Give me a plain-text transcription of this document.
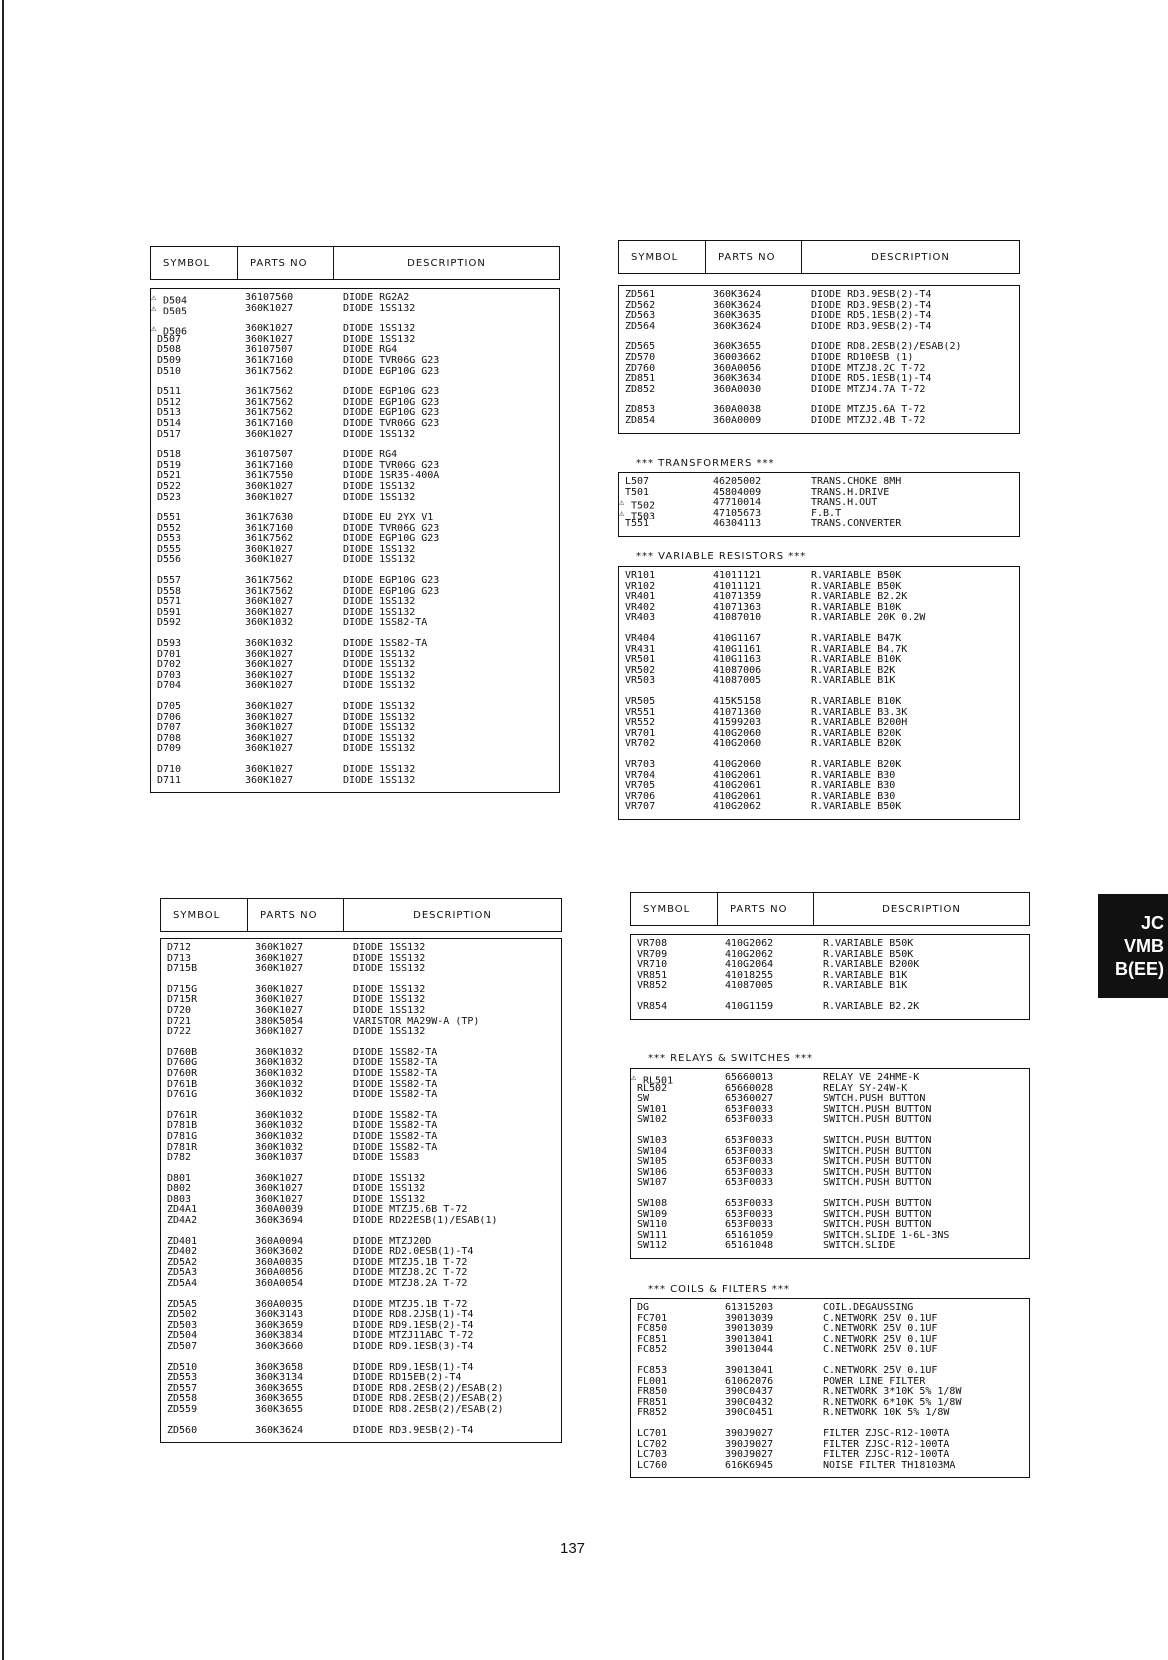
SYMBOL	PARTS NO	DESCRIPTION
⚠ D504	36107560	DIODE RG2A2
⚠ D505	360K1027	DIODE 1SS132
⚠ D506	360K1027	DIODE 1SS132
D507	360K1027	DIODE 1SS132
D508	36107507	DIODE RG4
D509	361K7160	DIODE TVR06G G23
D510	361K7562	DIODE EGP10G G23
D511	361K7562	DIODE EGP10G G23
D512	361K7562	DIODE EGP10G G23
D513	361K7562	DIODE EGP10G G23
D514	361K7160	DIODE TVR06G G23
D517	360K1027	DIODE 1SS132
D518	36107507	DIODE RG4
D519	361K7160	DIODE TVR06G G23
D521	361K7550	DIODE 1SR35-400A
D522	360K1027	DIODE 1SS132
D523	360K1027	DIODE 1SS132
D551	361K7630	DIODE EU 2YX V1
D552	361K7160	DIODE TVR06G G23
D553	361K7562	DIODE EGP10G G23
D555	360K1027	DIODE 1SS132
D556	360K1027	DIODE 1SS132
D557	361K7562	DIODE EGP10G G23
D558	361K7562	DIODE EGP10G G23
D571	360K1027	DIODE 1SS132
D591	360K1027	DIODE 1SS132
D592	360K1032	DIODE 1SS82-TA
D593	360K1032	DIODE 1SS82-TA
D701	360K1027	DIODE 1SS132
D702	360K1027	DIODE 1SS132
D703	360K1027	DIODE 1SS132
D704	360K1027	DIODE 1SS132
D705	360K1027	DIODE 1SS132
D706	360K1027	DIODE 1SS132
D707	360K1027	DIODE 1SS132
D708	360K1027	DIODE 1SS132
D709	360K1027	DIODE 1SS132
D710	360K1027	DIODE 1SS132
D711	360K1027	DIODE 1SS132
SYMBOL	PARTS NO	DESCRIPTION
ZD561	360K3624	DIODE RD3.9ESB(2)-T4
ZD562	360K3624	DIODE RD3.9ESB(2)-T4
ZD563	360K3635	DIODE RD5.1ESB(2)-T4
ZD564	360K3624	DIODE RD3.9ESB(2)-T4
ZD565	360K3655	DIODE RD8.2ESB(2)/ESAB(2)
ZD570	36003662	DIODE RD10ESB (1)
ZD760	360A0056	DIODE MTZJ8.2C T-72
ZD851	360K3634	DIODE RD5.1ESB(1)-T4
ZD852	360A0030	DIODE MTZJ4.7A T-72
ZD853	360A0038	DIODE MTZJ5.6A T-72
ZD854	360A0009	DIODE MTZJ2.4B T-72
*** TRANSFORMERS ***
L507	46205002	TRANS.CHOKE 8MH
T501	45804009	TRANS.H.DRIVE
⚠ T502	47710014	TRANS.H.OUT
⚠ T503	47105673	F.B.T
T551	46304113	TRANS.CONVERTER
*** VARIABLE RESISTORS ***
VR101	41011121	R.VARIABLE B50K
VR102	41011121	R.VARIABLE B50K
VR401	41071359	R.VARIABLE B2.2K
VR402	41071363	R.VARIABLE B10K
VR403	41087010	R.VARIABLE 20K 0.2W
VR404	410G1167	R.VARIABLE B47K
VR431	410G1161	R.VARIABLE B4.7K
VR501	410G1163	R.VARIABLE B10K
VR502	41087006	R.VARIABLE B2K
VR503	41087005	R.VARIABLE B1K
VR505	415K5158	R.VARIABLE B10K
VR551	41071360	R.VARIABLE B3.3K
VR552	41599203	R.VARIABLE B200H
VR701	410G2060	R.VARIABLE B20K
VR702	410G2060	R.VARIABLE B20K
VR703	410G2060	R.VARIABLE B20K
VR704	410G2061	R.VARIABLE B30
VR705	410G2061	R.VARIABLE B30
VR706	410G2061	R.VARIABLE B30
VR707	410G2062	R.VARIABLE B50K
SYMBOL	PARTS NO	DESCRIPTION
D712	360K1027	DIODE 1SS132
D713	360K1027	DIODE 1SS132
D715B	360K1027	DIODE 1SS132
D715G	360K1027	DIODE 1SS132
D715R	360K1027	DIODE 1SS132
D720	360K1027	DIODE 1SS132
D721	380K5054	VARISTOR MA29W-A (TP)
D722	360K1027	DIODE 1SS132
D760B	360K1032	DIODE 1SS82-TA
D760G	360K1032	DIODE 1SS82-TA
D760R	360K1032	DIODE 1SS82-TA
D761B	360K1032	DIODE 1SS82-TA
D761G	360K1032	DIODE 1SS82-TA
D761R	360K1032	DIODE 1SS82-TA
D781B	360K1032	DIODE 1SS82-TA
D781G	360K1032	DIODE 1SS82-TA
D781R	360K1032	DIODE 1SS82-TA
D782	360K1037	DIODE 1SS83
D801	360K1027	DIODE 1SS132
D802	360K1027	DIODE 1SS132
D803	360K1027	DIODE 1SS132
ZD4A1	360A0039	DIODE MTZJ5.6B T-72
ZD4A2	360K3694	DIODE RD22ESB(1)/ESAB(1)
ZD401	360A0094	DIODE MTZJ20D
ZD402	360K3602	DIODE RD2.0ESB(1)-T4
ZD5A2	360A0035	DIODE MTZJ5.1B T-72
ZD5A3	360A0056	DIODE MTZJ8.2C T-72
ZD5A4	360A0054	DIODE MTZJ8.2A T-72
ZD5A5	360A0035	DIODE MTZJ5.1B T-72
ZD502	360K3143	DIODE RD8.2JSB(1)-T4
ZD503	360K3659	DIODE RD9.1ESB(2)-T4
ZD504	360K3834	DIODE MTZJ11ABC T-72
ZD507	360K3660	DIODE RD9.1ESB(3)-T4
ZD510	360K3658	DIODE RD9.1ESB(1)-T4
ZD553	360K3134	DIODE RD15EB(2)-T4
ZD557	360K3655	DIODE RD8.2ESB(2)/ESAB(2)
ZD558	360K3655	DIODE RD8.2ESB(2)/ESAB(2)
ZD559	360K3655	DIODE RD8.2ESB(2)/ESAB(2)
ZD560	360K3624	DIODE RD3.9ESB(2)-T4
SYMBOL	PARTS NO	DESCRIPTION
VR708	410G2062	R.VARIABLE B50K
VR709	410G2062	R.VARIABLE B50K
VR710	410G2064	R.VARIABLE B200K
VR851	41018255	R.VARIABLE B1K
VR852	41087005	R.VARIABLE B1K
VR854	410G1159	R.VARIABLE B2.2K
*** RELAYS & SWITCHES ***
⚠ RL501	65660013	RELAY VE 24HME-K
RL502	65660028	RELAY SY-24W-K
SW	65360027	SWTCH.PUSH BUTTON
SW101	653F0033	SWITCH.PUSH BUTTON
SW102	653F0033	SWITCH.PUSH BUTTON
SW103	653F0033	SWITCH.PUSH BUTTON
SW104	653F0033	SWITCH.PUSH BUTTON
SW105	653F0033	SWITCH.PUSH BUTTON
SW106	653F0033	SWITCH.PUSH BUTTON
SW107	653F0033	SWITCH.PUSH BUTTON
SW108	653F0033	SWITCH.PUSH BUTTON
SW109	653F0033	SWITCH.PUSH BUTTON
SW110	653F0033	SWITCH.PUSH BUTTON
SW111	65161059	SWITCH.SLIDE 1-6L-3NS
SW112	65161048	SWITCH.SLIDE
*** COILS & FILTERS ***
DG	61315203	COIL.DEGAUSSING
FC701	39013039	C.NETWORK 25V 0.1UF
FC850	39013039	C.NETWORK 25V 0.1UF
FC851	39013041	C.NETWORK 25V 0.1UF
FC852	39013044	C.NETWORK 25V 0.1UF
FC853	39013041	C.NETWORK 25V 0.1UF
FL001	61062076	POWER LINE FILTER
FR850	390C0437	R.NETWORK 3*10K 5% 1/8W
FR851	390C0432	R.NETWORK 6*10K 5% 1/8W
FR852	390C0451	R.NETWORK 10K 5% 1/8W
LC701	390J9027	FILTER ZJSC-R12-100TA
LC702	390J9027	FILTER ZJSC-R12-100TA
LC703	390J9027	FILTER ZJSC-R12-100TA
LC760	616K6945	NOISE FILTER TH18103MA
137
JC
VMB
B(EE)
